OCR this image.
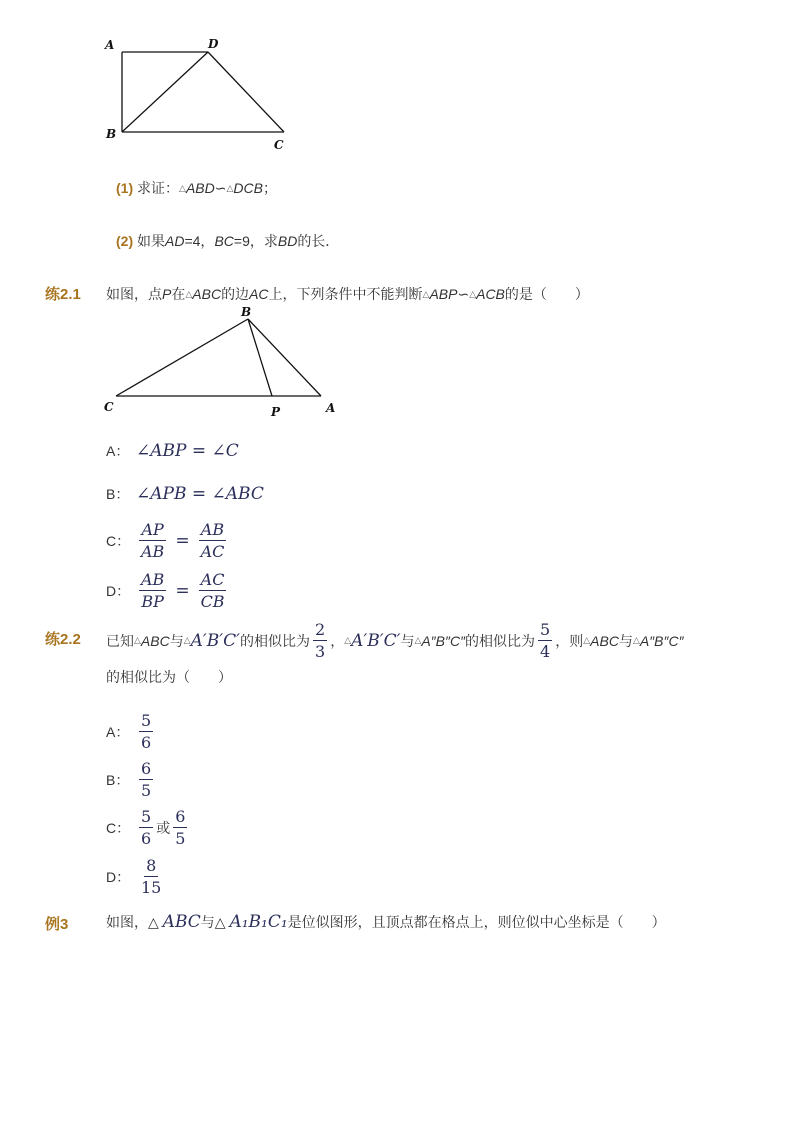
A	D
B
C
(1)
求证： △ ABD ∽ △ DCB ；
(2)
如果 AD =4， BC =9，求 BD 的长．
练2.1 如图，点 P 在 △ ABC 的边 AC 上，下列条件中不能判断 △ ABP ∽ △ ACB 的是（　　）
B
C	P	A
A： ∠ABP = ∠C
B： ∠APB = ∠ABC
C： $\frac{AP}{AB} = \frac{AB}{AC}$
D： $\frac{AB}{BP} = \frac{AC}{CB}$
练2.2 已知 △ ABC 与 △ A′B′C′ 的相似比为 $\frac{2}{3}$ ， △ A′B′C′ 与 △ A″B″C″ 的相似比为 $\frac{5}{4}$ ，则 △ ABC 与 △ A″B″C″
的相似比为（　　）
A： $\frac{5}{6}$
B： $\frac{6}{5}$
C： $\frac{5}{6}$ 或 $\frac{6}{5}$
D： $\frac{8}{15}$
例3	如图， △
ABC 与 △
A₁B₁C₁ 是位似图形，且顶点都在格点上，则位似中心坐标是（　　）
